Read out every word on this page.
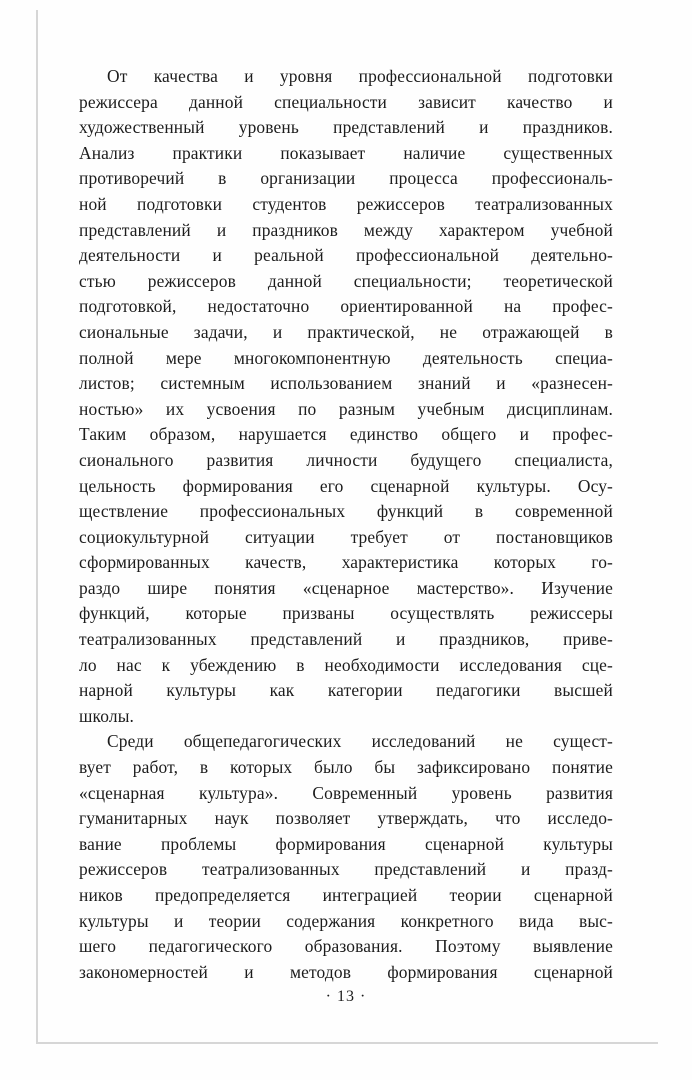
От качества и уровня профессиональной подготовки
режиссера данной специальности зависит качество и
художественный уровень представлений и праздников.
Анализ практики показывает наличие существенных
противоречий в организации процесса профессиональ-
ной подготовки студентов режиссеров театрализованных
представлений и праздников между характером учебной
деятельности и реальной профессиональной деятельно-
стью режиссеров данной специальности; теоретической
подготовкой, недостаточно ориентированной на профес-
сиональные задачи, и практической, не отражающей в
полной мере многокомпонентную деятельность специа-
листов; системным использованием знаний и «разнесен-
ностью» их усвоения по разным учебным дисциплинам.
Таким образом, нарушается единство общего и профес-
сионального развития личности будущего специалиста,
цельность формирования его сценарной культуры. Осу-
ществление профессиональных функций в современной
социокультурной ситуации требует от постановщиков
сформированных качеств, характеристика которых го-
раздо шире понятия «сценарное мастерство». Изучение
функций, которые призваны осуществлять режиссеры
театрализованных представлений и праздников, приве-
ло нас к убеждению в необходимости исследования сце-
нарной культуры как категории педагогики высшей
школы.
Среди общепедагогических исследований не сущест-
вует работ, в которых было бы зафиксировано понятие
«сценарная культура». Современный уровень развития
гуманитарных наук позволяет утверждать, что исследо-
вание проблемы формирования сценарной культуры
режиссеров театрализованных представлений и празд-
ников предопределяется интеграцией теории сценарной
культуры и теории содержания конкретного вида выс-
шего педагогического образования. Поэтому выявление
закономерностей и методов формирования сценарной
· 13 ·
